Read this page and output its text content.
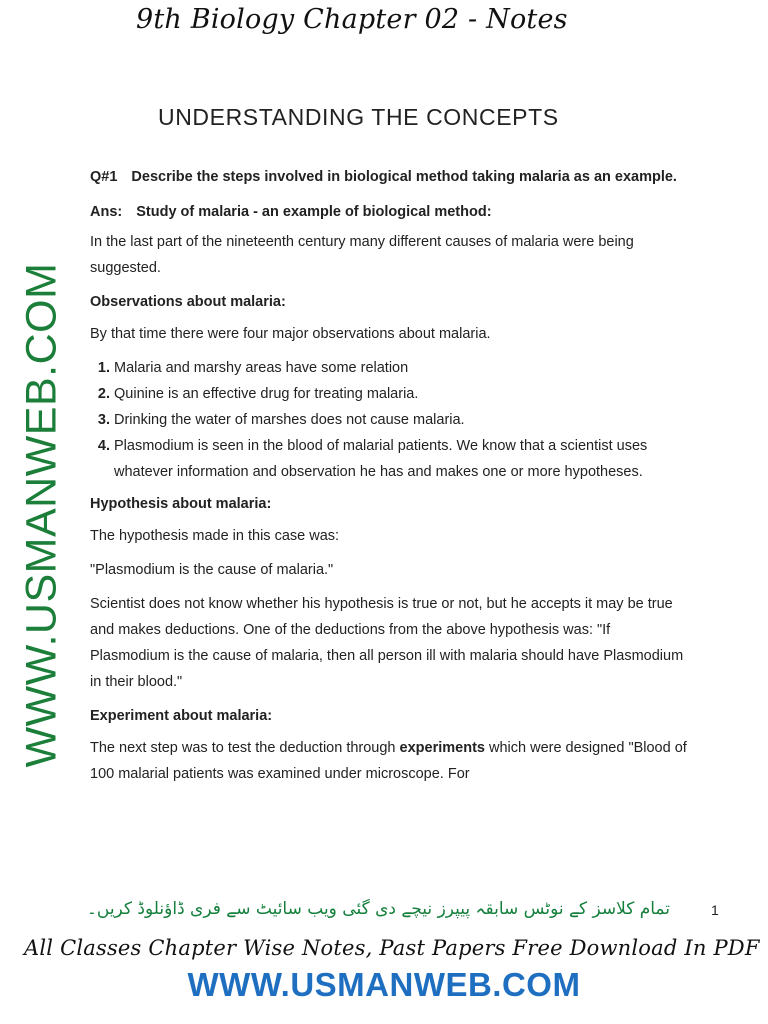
9th Biology Chapter 02 - Notes
UNDERSTANDING THE CONCEPTS
WWW.USMANWEB.COM
Q#1 Describe the steps involved in biological method taking malaria as an example.
Ans: Study of malaria - an example of biological method:

In the last part of the nineteenth century many different causes of malaria were being suggested.

Observations about malaria:

By that time there were four major observations about malaria.

1. Malaria and marshy areas have some relation
2. Quinine is an effective drug for treating malaria.
3. Drinking the water of marshes does not cause malaria.
4. Plasmodium is seen in the blood of malarial patients. We know that a scientist uses whatever information and observation he has and makes one or more hypotheses.
Hypothesis about malaria:

The hypothesis made in this case was:

"Plasmodium is the cause of malaria."

Scientist does not know whether his hypothesis is true or not, but he accepts it may be true and makes deductions. One of the deductions from the above hypothesis was: "If Plasmodium is the cause of malaria, then all person ill with malaria should have Plasmodium in their blood."

Experiment about malaria:

The next step was to test the deduction through experiments which were designed "Blood of 100 malarial patients was examined under microscope. For

1
تمام کلاسز کے نوٹس سابقہ پیپرز نیچے دی گئی ویب سائیٹ سے فری ڈاؤنلوڈ کریں۔
All Classes Chapter Wise Notes, Past Papers Free Download In PDF
WWW.USMANWEB.COM
